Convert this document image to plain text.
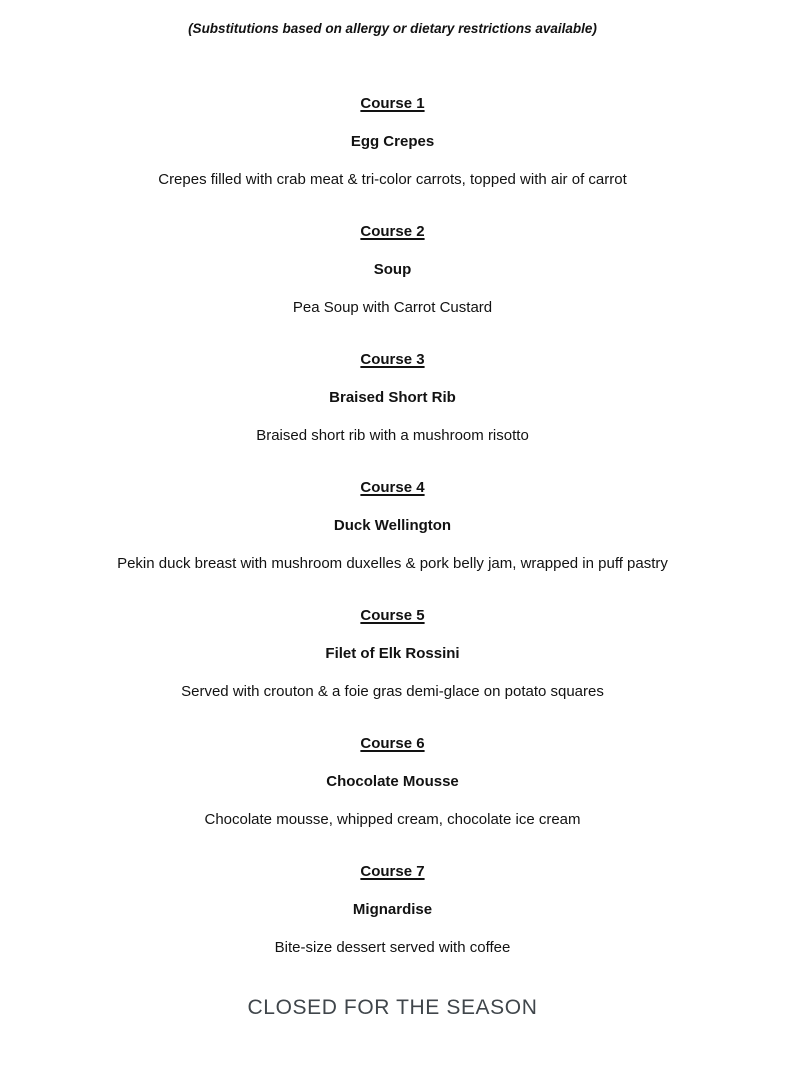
(Substitutions based on allergy or dietary restrictions available)

Course 1
Egg Crepes

Crepes filled with crab meat & tri-color carrots, topped with air of carrot

Course 2
Soup

Pea Soup with Carrot Custard

Course 3
Braised Short Rib

Braised short rib with a mushroom risotto

Course 4
Duck Wellington

Pekin duck breast with mushroom duxelles & pork belly jam, wrapped in puff pastry

Course 5
Filet of Elk Rossini

Served with crouton & a foie gras demi-glace on potato squares

Course 6
Chocolate Mousse

Chocolate mousse, whipped cream, chocolate ice cream

Course 7
Mignardise

Bite-size dessert served with coffee

CLOSED FOR THE SEASON
